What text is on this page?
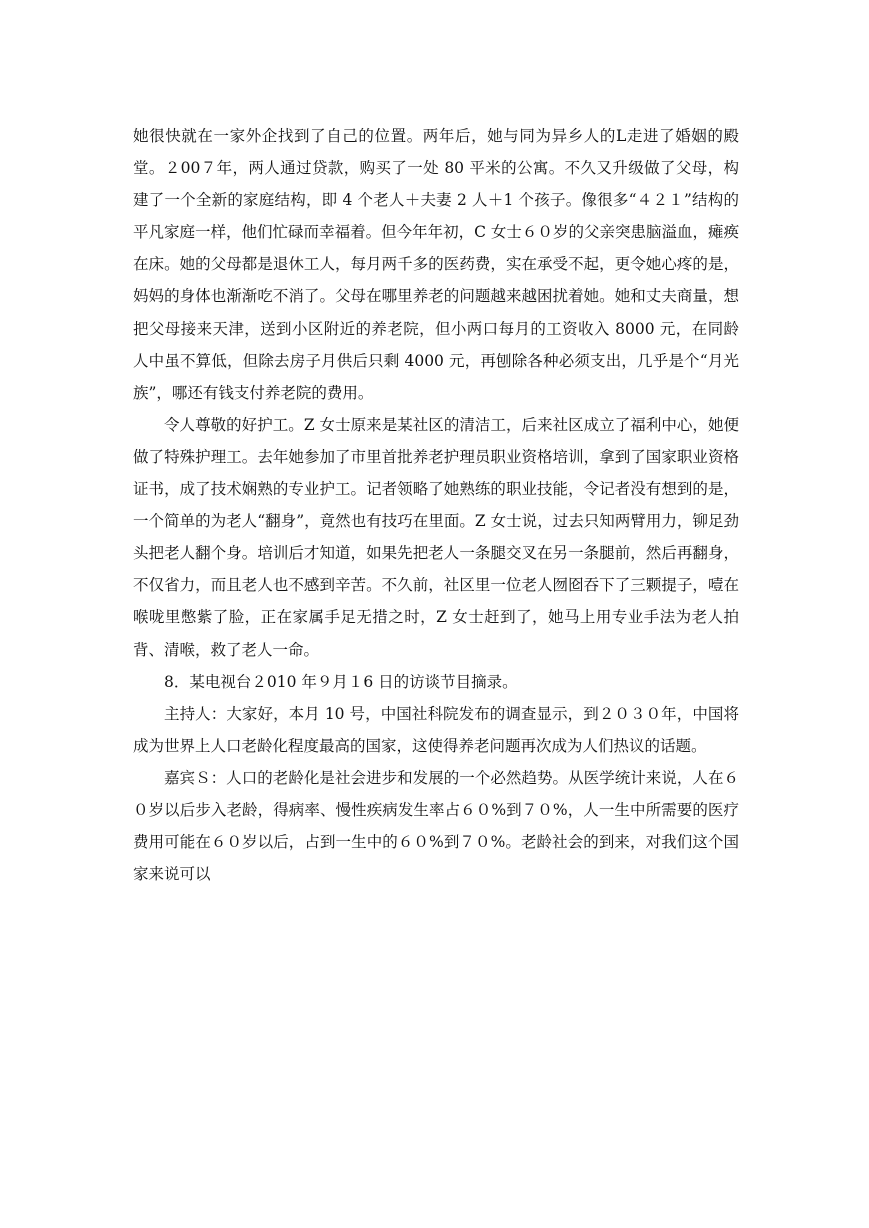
她很快就在一家外企找到了自己的位置。两年后，她与同为异乡人的L走进了婚姻的殿堂。２00７年，两人通过贷款，购买了一处 80 平米的公寓。不久又升级做了父母，构建了一个全新的家庭结构，即 4 个老人＋夫妻 2 人＋1 个孩子。像很多“４２１”结构的平凡家庭一样，他们忙碌而幸福着。但今年年初，C 女士６０岁的父亲突患脑溢血，瘫痪在床。她的父母都是退休工人，每月两千多的医药费，实在承受不起，更令她心疼的是，妈妈的身体也渐渐吃不消了。父母在哪里养老的问题越来越困扰着她。她和丈夫商量，想把父母接来天津，送到小区附近的养老院，但小两口每月的工资收入 8000 元，在同龄人中虽不算低，但除去房子月供后只剩 4000 元，再刨除各种必须支出，几乎是个“月光族”，哪还有钱支付养老院的费用。

令人尊敬的好护工。Z 女士原来是某社区的清洁工，后来社区成立了福利中心，她便做了特殊护理工。去年她参加了市里首批养老护理员职业资格培训，拿到了国家职业资格证书，成了技术娴熟的专业护工。记者领略了她熟练的职业技能，令记者没有想到的是，一个简单的为老人“翻身”，竟然也有技巧在里面。Z 女士说，过去只知两臂用力，铆足劲头把老人翻个身。培训后才知道，如果先把老人一条腿交叉在另一条腿前，然后再翻身，不仅省力，而且老人也不感到辛苦。不久前，社区里一位老人囫囵吞下了三颗提子，噎在喉咙里憋紫了脸，正在家属手足无措之时，Z 女士赶到了，她马上用专业手法为老人拍背、清喉，救了老人一命。

8．某电视台２010 年９月１6 日的访谈节目摘录。

主持人：大家好，本月 10 号，中国社科院发布的调查显示，到２０３０年，中国将成为世界上人口老龄化程度最高的国家，这使得养老问题再次成为人们热议的话题。

嘉宾Ｓ：人口的老龄化是社会进步和发展的一个必然趋势。从医学统计来说，人在６０岁以后步入老龄，得病率、慢性疾病发生率占６０%到７０%，人一生中所需要的医疗费用可能在６０岁以后，占到一生中的６０%到７０%。老龄社会的到来，对我们这个国家来说可以
